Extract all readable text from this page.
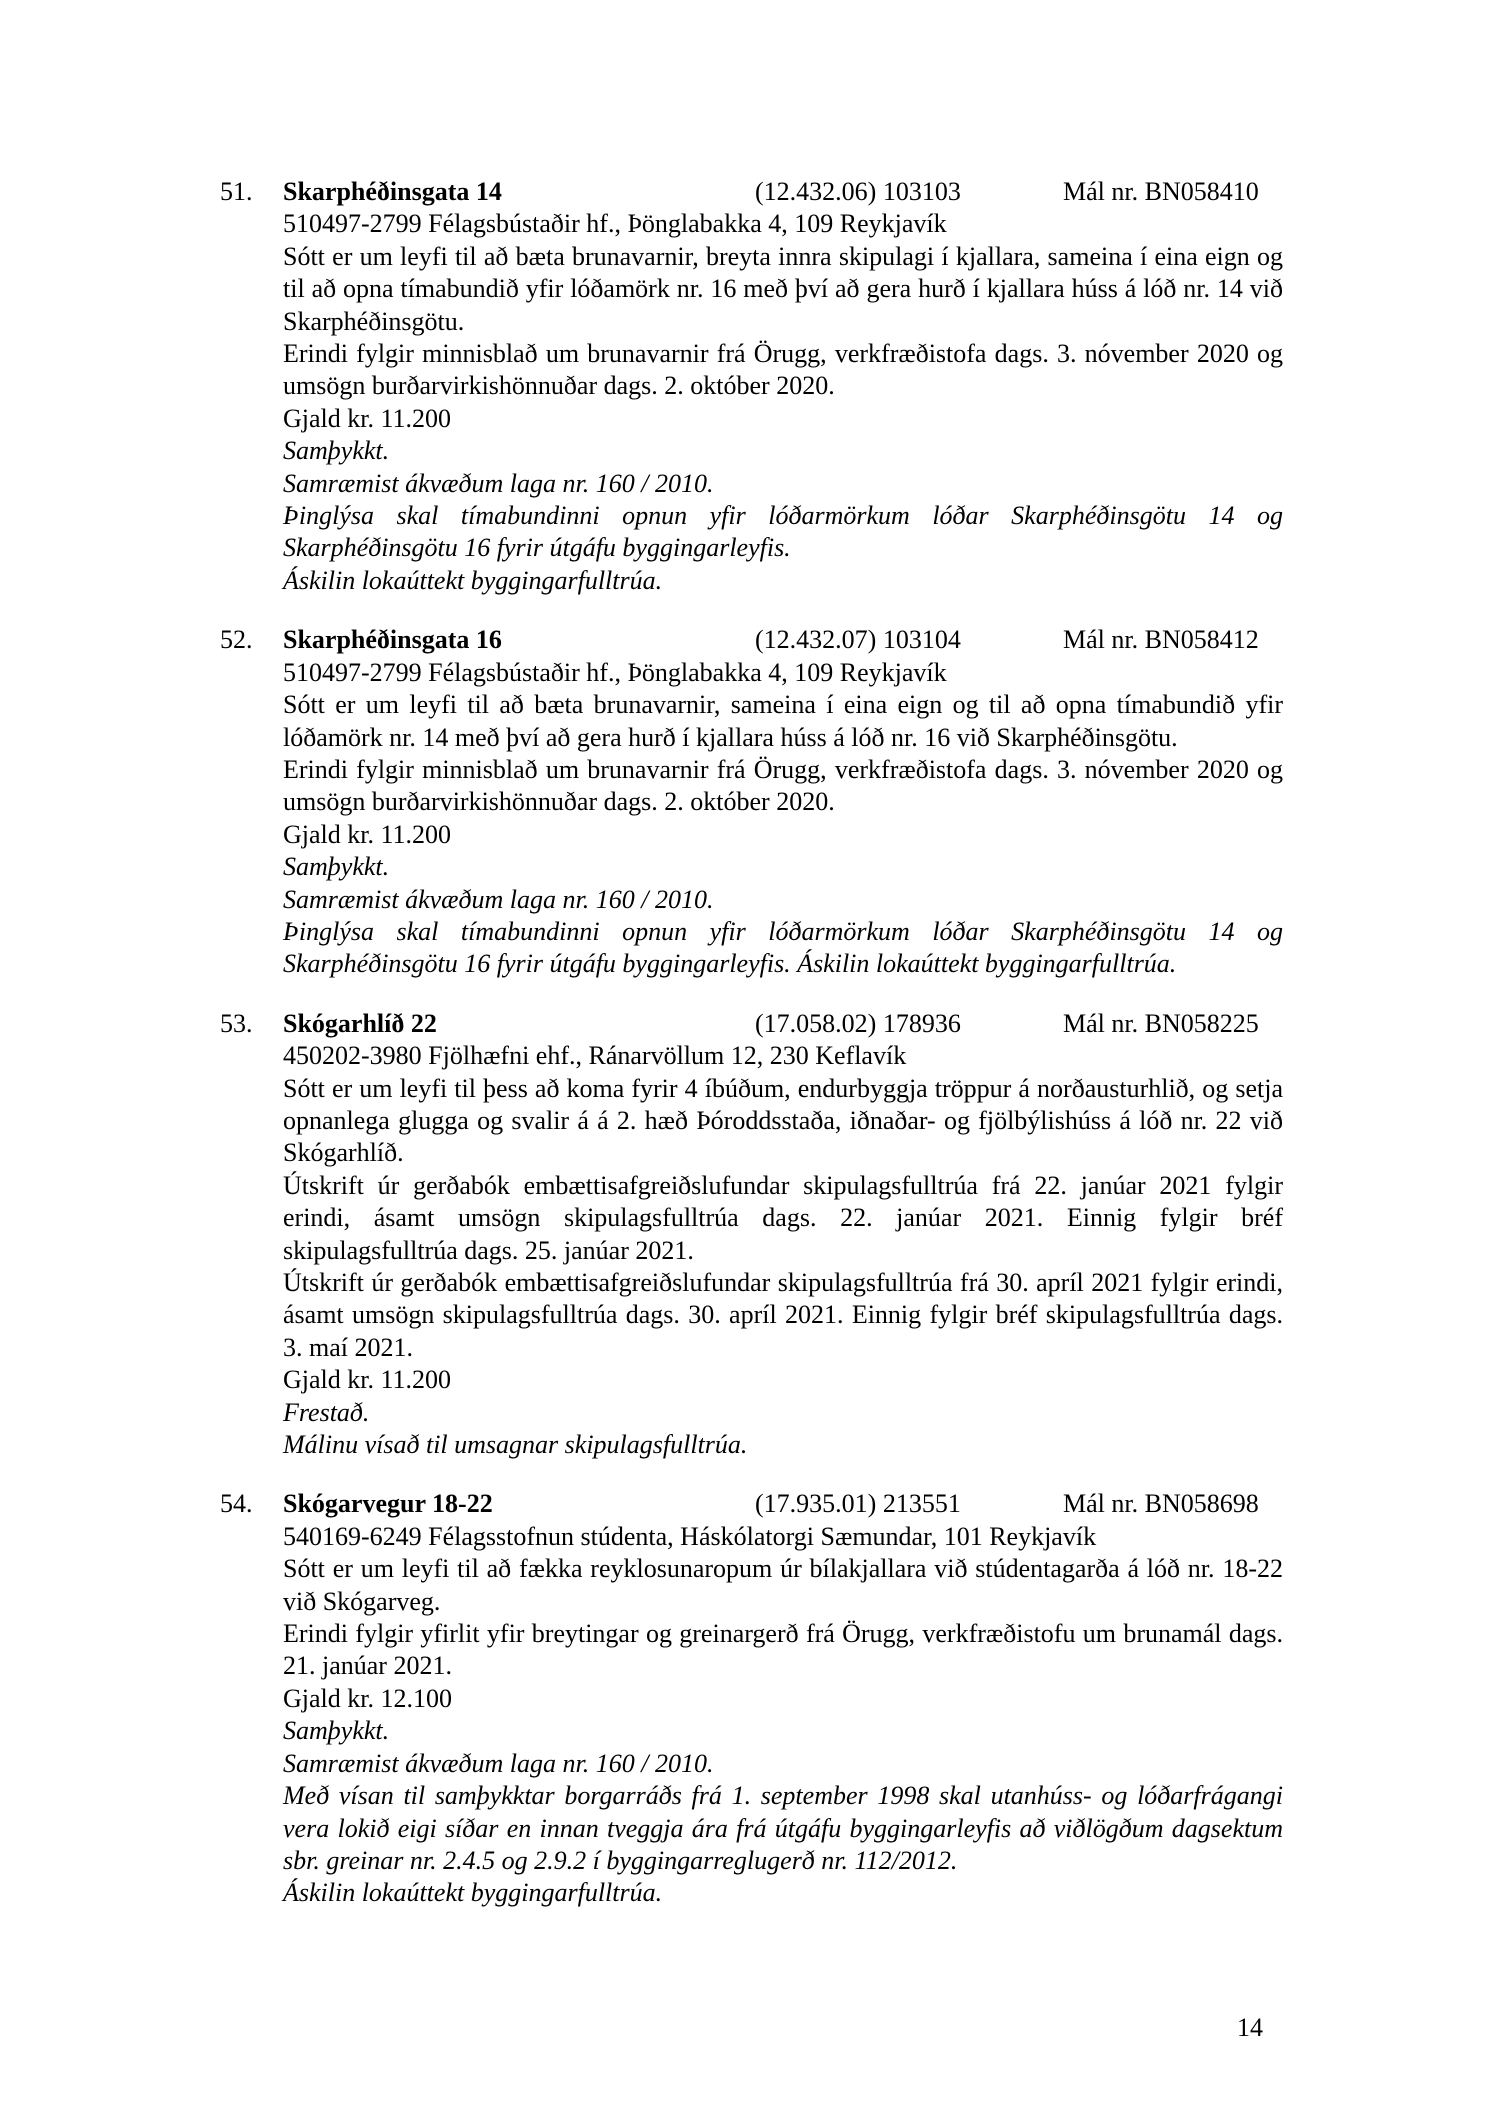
51.	Skarphéðinsgata 14	(12.432.06) 103103	Mál nr. BN058410

510497-2799 Félagsbústaðir hf., Þönglabakka 4, 109 Reykjavík

Sótt er um leyfi til að bæta brunavarnir, breyta innra skipulagi í kjallara, sameina í eina eign og til að opna tímabundið yfir lóðamörk nr. 16 með því að gera hurð í kjallara húss á lóð nr. 14 við Skarphéðinsgötu.

Erindi fylgir minnisblað um brunavarnir frá Örugg, verkfræðistofa dags. 3. nóvember 2020 og umsögn burðarvirkishönnuðar dags. 2. október 2020.

Gjald kr. 11.200

Samþykkt.

Samræmist ákvæðum laga nr. 160 / 2010.

Þinglýsa skal tímabundinni opnun yfir lóðarmörkum lóðar Skarphéðinsgötu 14 og Skarphéðinsgötu 16 fyrir útgáfu byggingarleyfis.

Áskilin lokaúttekt byggingarfulltrúa.

52.	Skarphéðinsgata 16	(12.432.07) 103104	Mál nr. BN058412

510497-2799 Félagsbústaðir hf., Þönglabakka 4, 109 Reykjavík

Sótt er um leyfi til að bæta brunavarnir, sameina í eina eign og til að opna tímabundið yfir lóðamörk nr. 14 með því að gera hurð í kjallara húss á lóð nr. 16 við Skarphéðinsgötu.

Erindi fylgir minnisblað um brunavarnir frá Örugg, verkfræðistofa dags. 3. nóvember 2020 og umsögn burðarvirkishönnuðar dags. 2. október 2020.

Gjald kr. 11.200

Samþykkt.

Samræmist ákvæðum laga nr. 160 / 2010.

Þinglýsa skal tímabundinni opnun yfir lóðarmörkum lóðar Skarphéðinsgötu 14 og Skarphéðinsgötu 16 fyrir útgáfu byggingarleyfis. Áskilin lokaúttekt byggingarfulltrúa.

53.	Skógarhlíð 22	(17.058.02) 178936	Mál nr. BN058225

450202-3980 Fjölhæfni ehf., Ránarvöllum 12, 230 Keflavík

Sótt er um leyfi til þess að koma fyrir 4 íbúðum, endurbyggja tröppur á norðausturhlið, og setja opnanlega glugga og svalir á á 2. hæð Þóroddsstaða, iðnaðar- og fjölbýlishúss á lóð nr. 22 við Skógarhlíð.

Útskrift úr gerðabók embættisafgreiðslufundar skipulagsfulltrúa frá 22. janúar 2021 fylgir erindi, ásamt umsögn skipulagsfulltrúa dags. 22. janúar 2021. Einnig fylgir bréf skipulagsfulltrúa dags. 25. janúar 2021.

Útskrift úr gerðabók embættisafgreiðslufundar skipulagsfulltrúa frá 30. apríl 2021 fylgir erindi, ásamt umsögn skipulagsfulltrúa dags. 30. apríl 2021. Einnig fylgir bréf skipulagsfulltrúa dags. 3. maí 2021.

Gjald kr. 11.200

Frestað.

Málinu vísað til umsagnar skipulagsfulltrúa.

54.	Skógarvegur 18-22	(17.935.01) 213551	Mál nr. BN058698

540169-6249 Félagsstofnun stúdenta, Háskólatorgi Sæmundar, 101 Reykjavík

Sótt er um leyfi til að fækka reyklosunaropum úr bílakjallara við stúdentagarða á lóð nr. 18-22 við Skógarveg.

Erindi fylgir yfirlit yfir breytingar og greinargerð frá Örugg, verkfræðistofu um brunamál dags. 21. janúar 2021.

Gjald kr. 12.100

Samþykkt.

Samræmist ákvæðum laga nr. 160 / 2010.

Með vísan til samþykktar borgarráðs frá 1. september 1998 skal utanhúss- og lóðarfrágangi vera lokið eigi síðar en innan tveggja ára frá útgáfu byggingarleyfis að viðlögðum dagsektum sbr. greinar nr. 2.4.5 og 2.9.2 í byggingarreglugerð nr. 112/2012.

Áskilin lokaúttekt byggingarfulltrúa.

14
